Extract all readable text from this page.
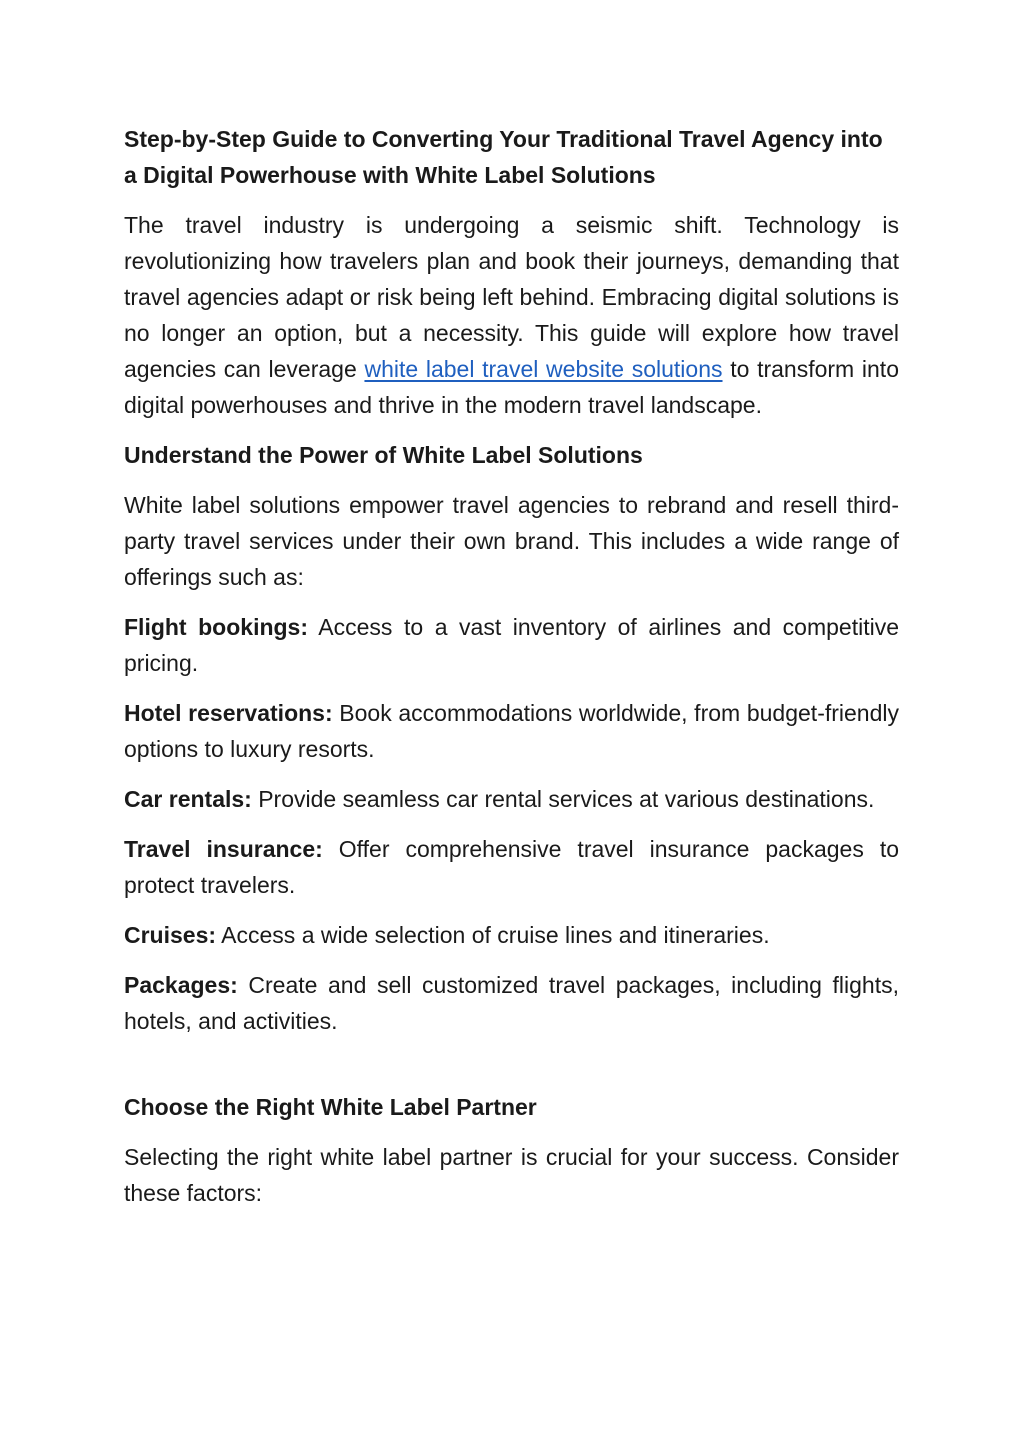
Step-by-Step Guide to Converting Your Traditional Travel Agency into a Digital Powerhouse with White Label Solutions

The travel industry is undergoing a seismic shift. Technology is revolutionizing how travelers plan and book their journeys, demanding that travel agencies adapt or risk being left behind. Embracing digital solutions is no longer an option, but a necessity. This guide will explore how travel agencies can leverage white label travel website solutions to transform into digital powerhouses and thrive in the modern travel landscape.

Understand the Power of White Label Solutions

White label solutions empower travel agencies to rebrand and resell third-party travel services under their own brand. This includes a wide range of offerings such as:

Flight bookings: Access to a vast inventory of airlines and competitive pricing.

Hotel reservations: Book accommodations worldwide, from budget-friendly options to luxury resorts.

Car rentals: Provide seamless car rental services at various destinations.

Travel insurance: Offer comprehensive travel insurance packages to protect travelers.

Cruises: Access a wide selection of cruise lines and itineraries.

Packages: Create and sell customized travel packages, including flights, hotels, and activities.

Choose the Right White Label Partner

Selecting the right white label partner is crucial for your success. Consider these factors:
